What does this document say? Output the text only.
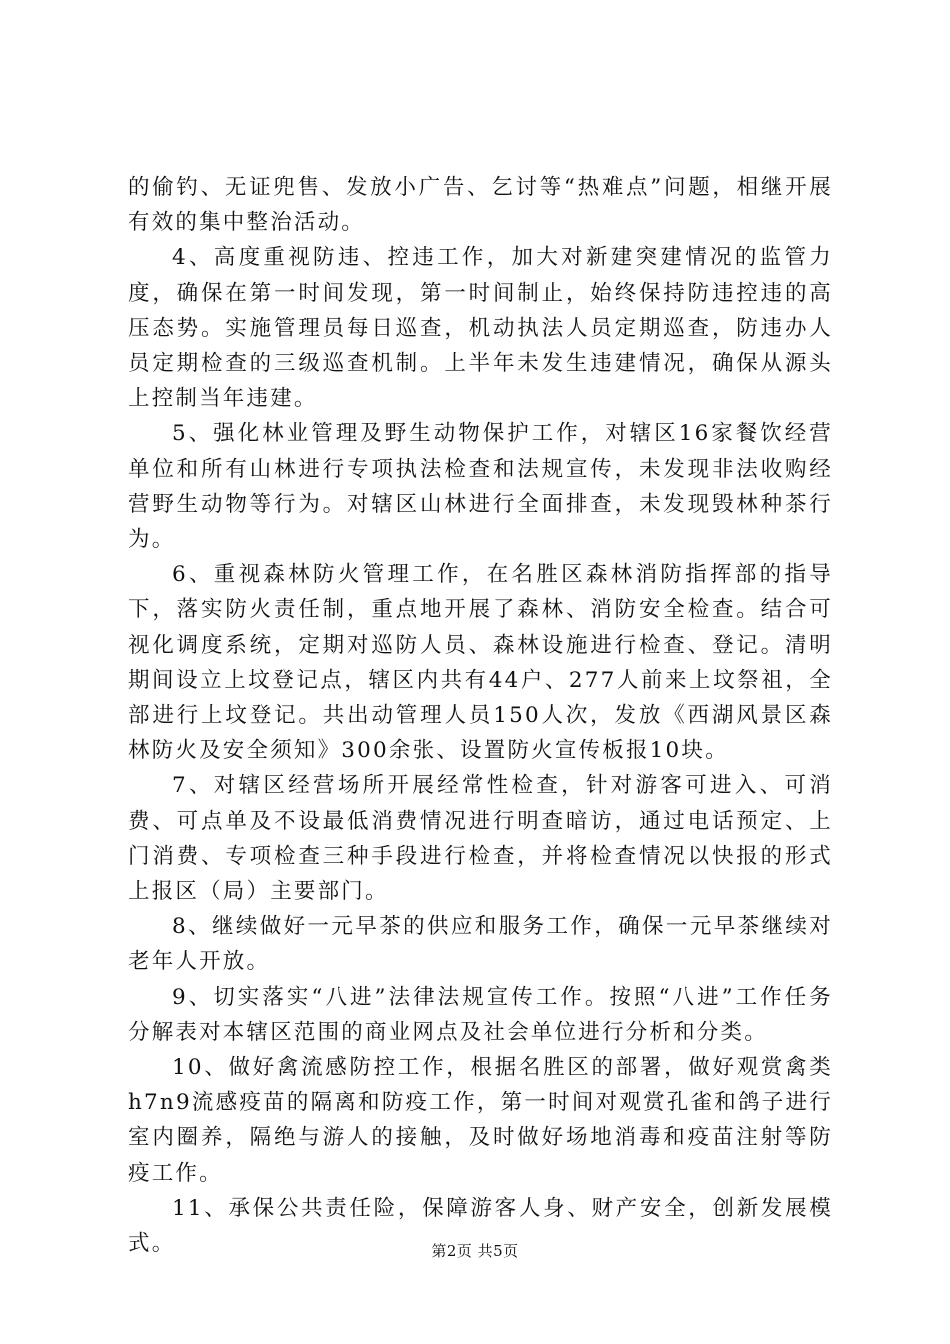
的偷钓、无证兜售、发放小广告、乞讨等“热难点”问题，相继开展有效的集中整治活动。

4、高度重视防违、控违工作，加大对新建突建情况的监管力度，确保在第一时间发现，第一时间制止，始终保持防违控违的高压态势。实施管理员每日巡查，机动执法人员定期巡查，防违办人员定期检查的三级巡查机制。上半年未发生违建情况，确保从源头上控制当年违建。

5、强化林业管理及野生动物保护工作，对辖区16家餐饮经营单位和所有山林进行专项执法检查和法规宣传，未发现非法收购经营野生动物等行为。对辖区山林进行全面排查，未发现毁林种茶行为。

6、重视森林防火管理工作，在名胜区森林消防指挥部的指导下，落实防火责任制，重点地开展了森林、消防安全检查。结合可视化调度系统，定期对巡防人员、森林设施进行检查、登记。清明期间设立上坟登记点，辖区内共有44户、277人前来上坟祭祖，全部进行上坟登记。共出动管理人员150人次，发放《西湖风景区森林防火及安全须知》300余张、设置防火宣传板报10块。

7、对辖区经营场所开展经常性检查，针对游客可进入、可消费、可点单及不设最低消费情况进行明查暗访，通过电话预定、上门消费、专项检查三种手段进行检查，并将检查情况以快报的形式上报区（局）主要部门。

8、继续做好一元早茶的供应和服务工作，确保一元早茶继续对老年人开放。

9、切实落实“八进”法律法规宣传工作。按照“八进”工作任务分解表对本辖区范围的商业网点及社会单位进行分析和分类。

10、做好禽流感防控工作，根据名胜区的部署，做好观赏禽类h7n9流感疫苗的隔离和防疫工作，第一时间对观赏孔雀和鸽子进行室内圈养，隔绝与游人的接触，及时做好场地消毒和疫苗注射等防疫工作。

11、承保公共责任险，保障游客人身、财产安全，创新发展模式。	第2页 共5页
